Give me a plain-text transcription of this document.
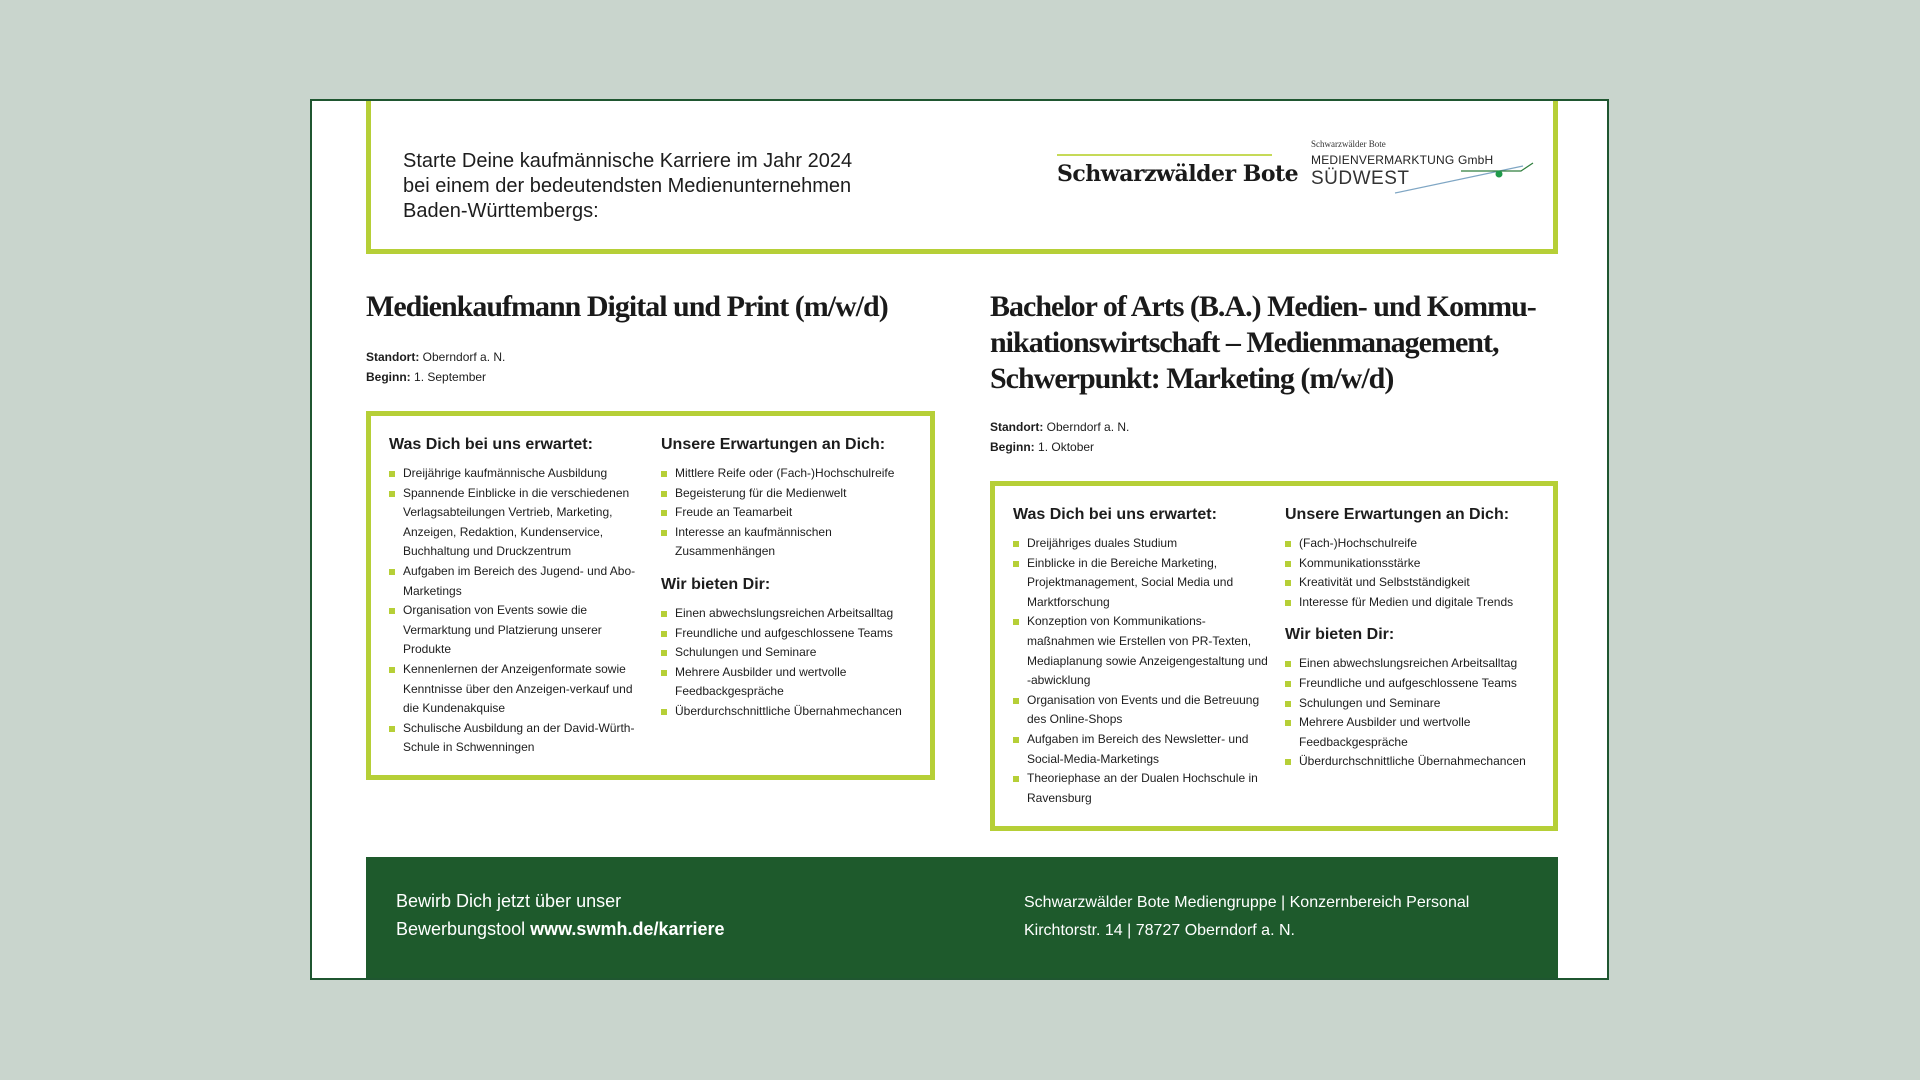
Starte Deine kaufmännische Karriere im Jahr 2024
bei einem der bedeutendsten Medienunternehmen
Baden-Württembergs:
Schwarzwälder Bote
Schwarzwälder Bote
MEDIENVERMARKTUNG GmbH
SÜDWEST
Medienkaufmann Digital und Print (m/w/d)
Standort: Oberndorf a. N.
Beginn: 1. September
Was Dich bei uns erwartet:
Dreijährige kaufmännische Ausbildung
Spannende Einblicke in die verschiedenen Verlagsabteilungen Vertrieb, Marketing, Anzeigen, Redaktion, Kundenservice, Buchhaltung und Druckzentrum
Aufgaben im Bereich des Jugend- und Abo-Marketings
Organisation von Events sowie die Vermarktung und Platzierung unserer Produkte
Kennenlernen der Anzeigenformate sowie Kenntnisse über den Anzeigen-verkauf und die Kundenakquise
Schulische Ausbildung an der David-Würth-Schule in Schwenningen
Unsere Erwartungen an Dich:
Mittlere Reife oder (Fach-)Hochschulreife
Begeisterung für die Medienwelt
Freude an Teamarbeit
Interesse an kaufmännischen Zusammenhängen
Wir bieten Dir:
Einen abwechslungsreichen Arbeitsalltag
Freundliche und aufgeschlossene Teams
Schulungen und Seminare
Mehrere Ausbilder und wertvolle Feedbackgespräche
Überdurchschnittliche Übernahmechancen
Bachelor of Arts (B.A.) Medien- und Kommu-
nikationswirtschaft – Medienmanagement,
Schwerpunkt: Marketing (m/w/d)
Standort: Oberndorf a. N.
Beginn: 1. Oktober
Was Dich bei uns erwartet:
Dreijähriges duales Studium
Einblicke in die Bereiche Marketing, Projektmanagement, Social Media und Marktforschung
Konzeption von Kommunikations-maßnahmen wie Erstellen von PR-Texten, Mediaplanung sowie Anzeigengestaltung und -abwicklung
Organisation von Events und die Betreuung des Online-Shops
Aufgaben im Bereich des Newsletter- und Social-Media-Marketings
Theoriephase an der Dualen Hochschule in Ravensburg
Unsere Erwartungen an Dich:
(Fach-)Hochschulreife
Kommunikationsstärke
Kreativität und Selbstständigkeit
Interesse für Medien und digitale Trends
Wir bieten Dir:
Einen abwechslungsreichen Arbeitsalltag
Freundliche und aufgeschlossene Teams
Schulungen und Seminare
Mehrere Ausbilder und wertvolle Feedbackgespräche
Überdurchschnittliche Übernahmechancen
Bewirb Dich jetzt über unser
Bewerbungstool www.swmh.de/karriere
Schwarzwälder Bote Mediengruppe | Konzernbereich Personal
Kirchtorstr. 14 | 78727 Oberndorf a. N.
